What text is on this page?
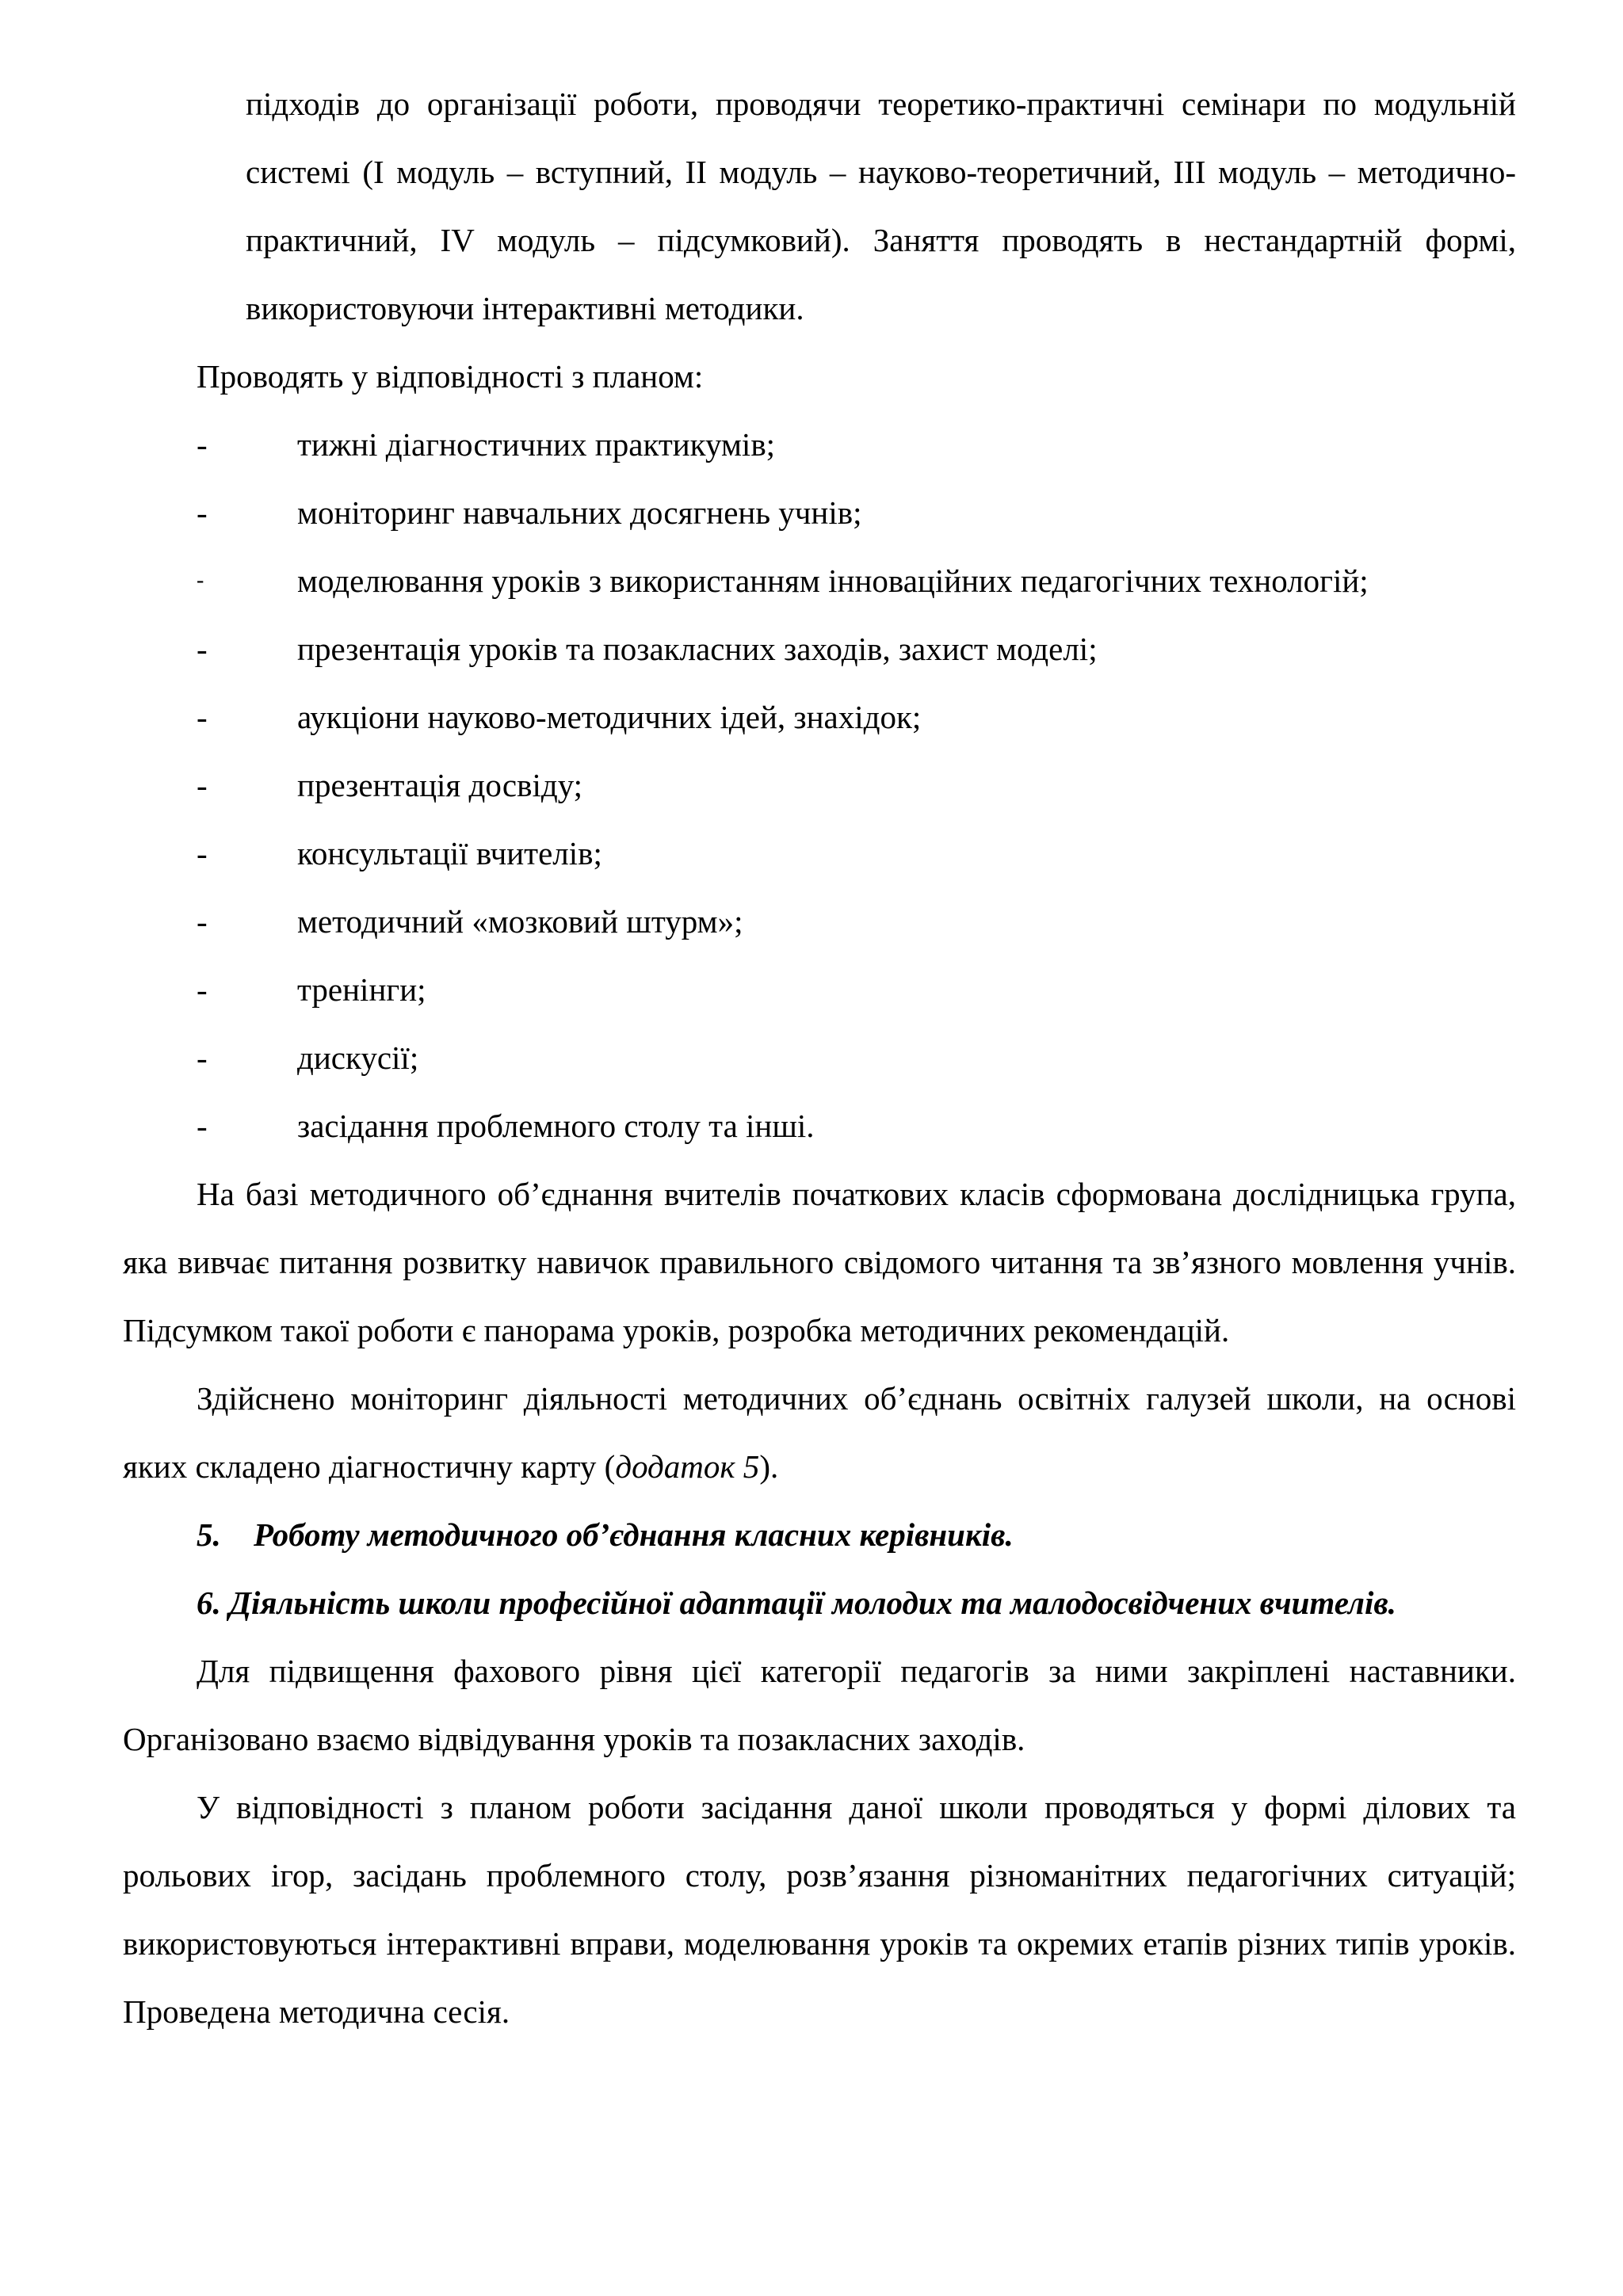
підходів до організації роботи, проводячи теоретико-практичні семінари по модульній системі (І модуль – вступний, ІІ модуль – науково-теоретичний, ІІІ модуль – методично-практичний, IV модуль – підсумковий). Заняття проводять в нестандартній формі, використовуючи інтерактивні методики.

Проводять у відповідності з планом:

-	тижні діагностичних практикумів;
-	моніторинг навчальних досягнень учнів;
-	моделювання уроків з використанням інноваційних педагогічних технологій;
-	презентація уроків та позакласних заходів, захист моделі;
-	аукціони науково-методичних ідей, знахідок;
-	презентація досвіду;
-	консультації вчителів;
-	методичний «мозковий штурм»;
-	тренінги;
-	дискусії;
-	засідання проблемного столу та інші.

На базі методичного об’єднання вчителів початкових класів сформована дослідницька група, яка вивчає питання розвитку навичок правильного свідомого читання та зв’язного мовлення учнів. Підсумком такої роботи є панорама уроків, розробка методичних рекомендацій.

Здійснено моніторинг діяльності методичних об’єднань освітніх галузей школи, на основі яких складено діагностичну карту (додаток 5).

5. Роботу методичного об’єднання класних керівників.

6. Діяльність школи професійної адаптації молодих та малодосвідчених вчителів.

Для підвищення фахового рівня цієї категорії педагогів за ними закріплені наставники. Організовано взаємо відвідування уроків та позакласних заходів.

У відповідності з планом роботи засідання даної школи проводяться у формі ділових та рольових ігор, засідань проблемного столу, розв’язання різноманітних педагогічних ситуацій; використовуються інтерактивні вправи, моделювання уроків та окремих етапів різних типів уроків. Проведена методична сесія.
